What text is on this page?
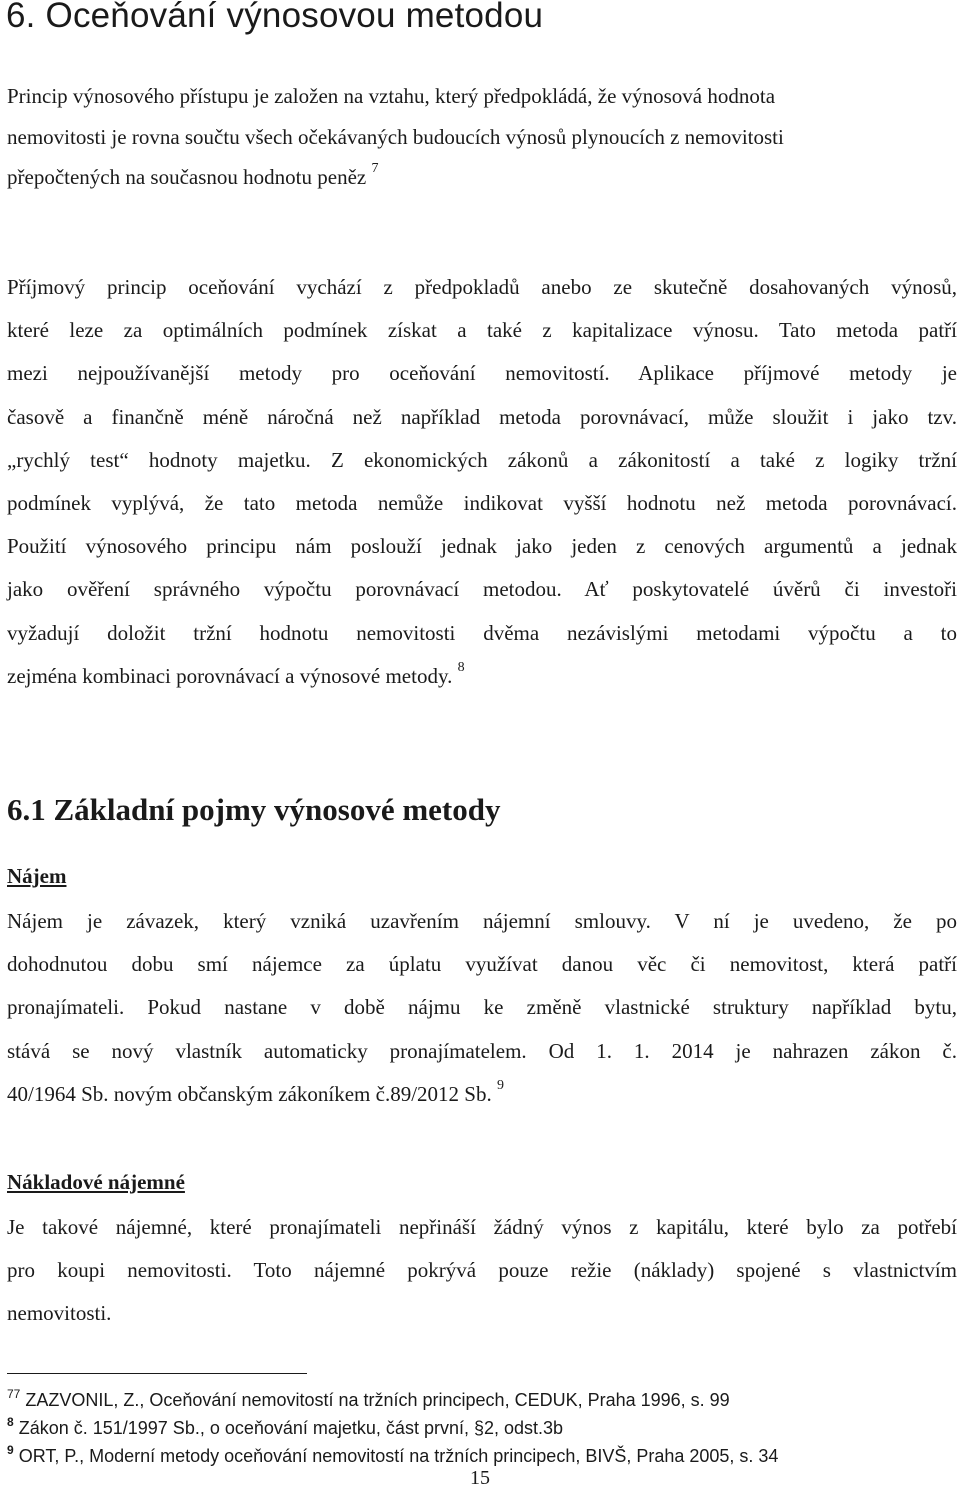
6. Oceňování výnosovou metodou
Princip výnosového přístupu je založen na vztahu, který předpokládá, že výnosová hodnota
nemovitosti je rovna součtu všech očekávaných budoucích výnosů plynoucích z nemovitosti
přepočtených na současnou hodnotu peněz $^7$
Příjmový princip oceňování vychází z předpokladů anebo ze skutečně dosahovaných výnosů,
které leze za optimálních podmínek získat a také z kapitalizace výnosu. Tato metoda patří
mezi nejpoužívanější metody pro oceňování nemovitostí. Aplikace příjmové metody je
časově a finančně méně náročná než například metoda porovnávací, může sloužit i jako tzv.
„rychlý test“ hodnoty majetku. Z ekonomických zákonů a zákonitostí a také z logiky tržní
podmínek vyplývá, že tato metoda nemůže indikovat vyšší hodnotu než metoda porovnávací.
Použití výnosového principu nám poslouží jednak jako jeden z cenových argumentů a jednak
jako ověření správného výpočtu porovnávací metodou. Ať poskytovatelé úvěrů či investoři
vyžadují doložit tržní hodnotu nemovitosti dvěma nezávislými metodami výpočtu a to
zejména kombinaci porovnávací a výnosové metody. $^8$
6.1 Základní pojmy výnosové metody
Nájem
Nájem je závazek, který vzniká uzavřením nájemní smlouvy. V ní je uvedeno, že po
dohodnutou dobu smí nájemce za úplatu využívat danou věc či nemovitost, která patří
pronajímateli. Pokud nastane v době nájmu ke změně vlastnické struktury například bytu,
stává se nový vlastník automaticky pronajímatelem. Od 1. 1. 2014 je nahrazen zákon č.
40/1964 Sb. novým občanským zákoníkem č.89/2012 Sb. $^9$
Nákladové nájemné
Je takové nájemné, které pronajímateli nepřináší žádný výnos z kapitálu, které bylo za potřebí
pro koupi nemovitosti. Toto nájemné pokrývá pouze režie (náklady) spojené s vlastnictvím
nemovitosti.
$^{77}$ ZAZVONIL, Z., Oceňování nemovitostí na tržních principech, CEDUK, Praha 1996, s. 99
$^8$ Zákon č. 151/1997 Sb., o oceňování majetku, část první, §2, odst.3b
$^9$ ORT, P., Moderní metody oceňování nemovitostí na tržních principech, BIVŠ, Praha 2005, s. 34
15
